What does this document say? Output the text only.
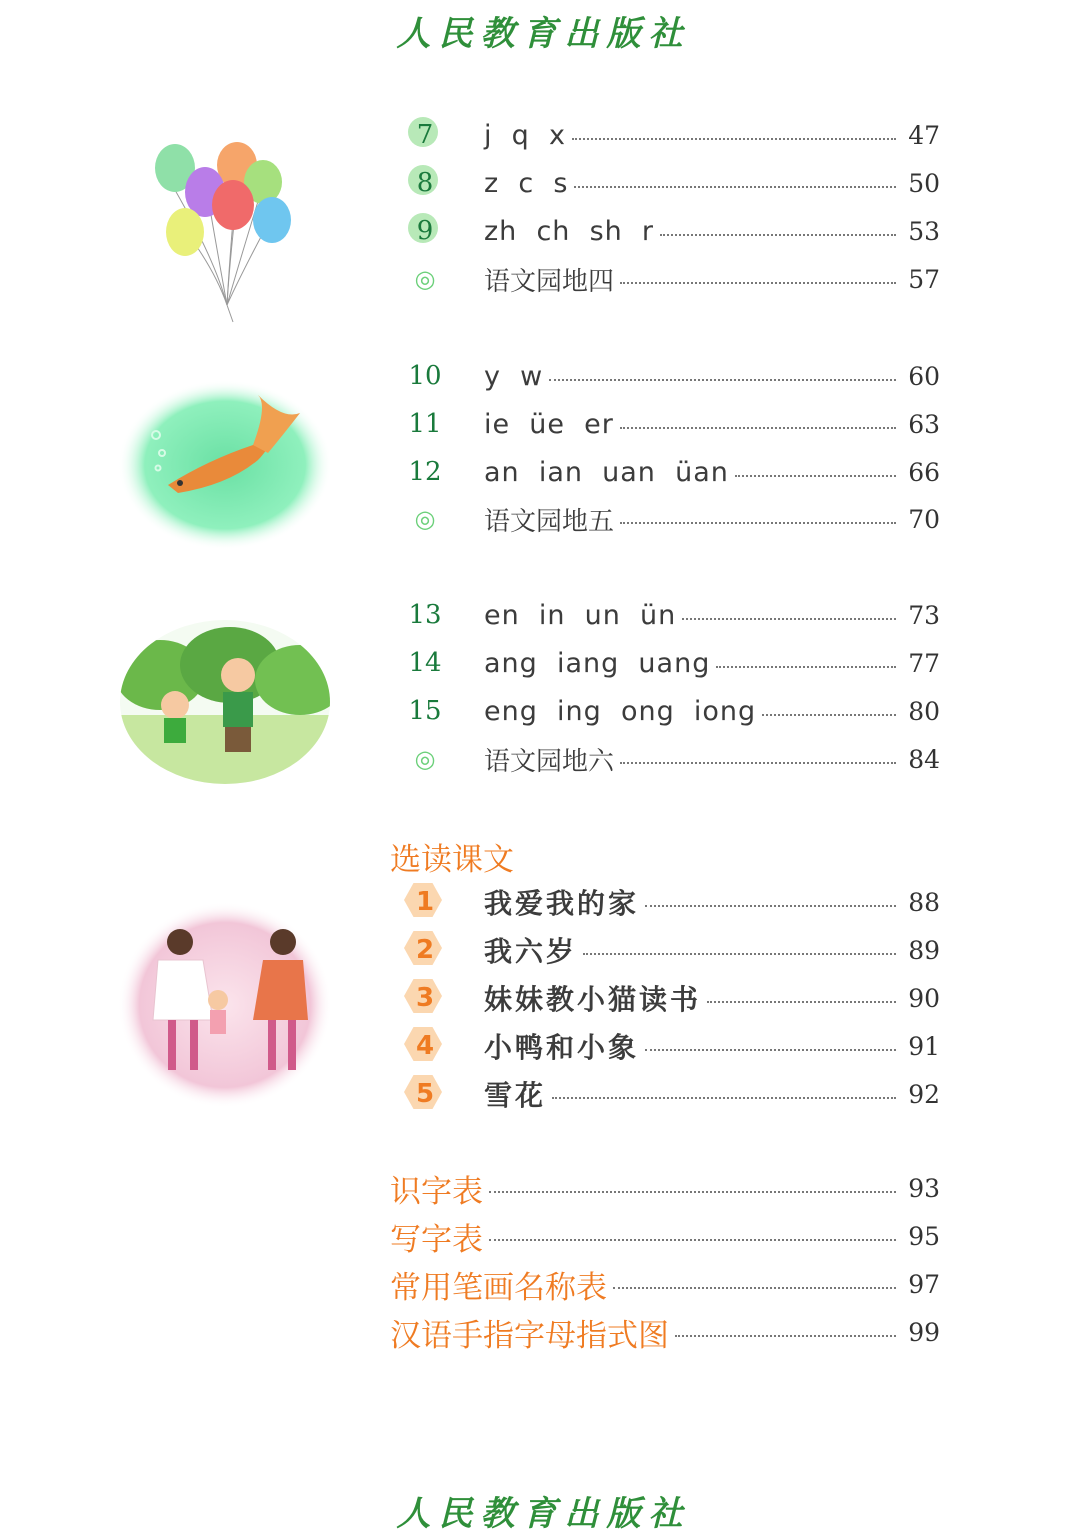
人民教育出版社
人民教育出版社
7	j  q  x	47
8	z  c  s	50
9	zh  ch  sh  r	53
◎	语文园地四	57
10	y  w	60
11	ie  üe  er	63
12	an  ian  uan  üan	66
◎	语文园地五	70
13	en  in  un  ün	73
14	ang  iang  uang	77
15	eng  ing  ong  iong	80
◎	语文园地六	84
选读课文
1	我爱我的家	88
2	我六岁	89
3	妹妹教小猫读书	90
4	小鸭和小象	91
5	雪花	92
识字表	93
写字表	95
常用笔画名称表	97
汉语手指字母指式图	99
